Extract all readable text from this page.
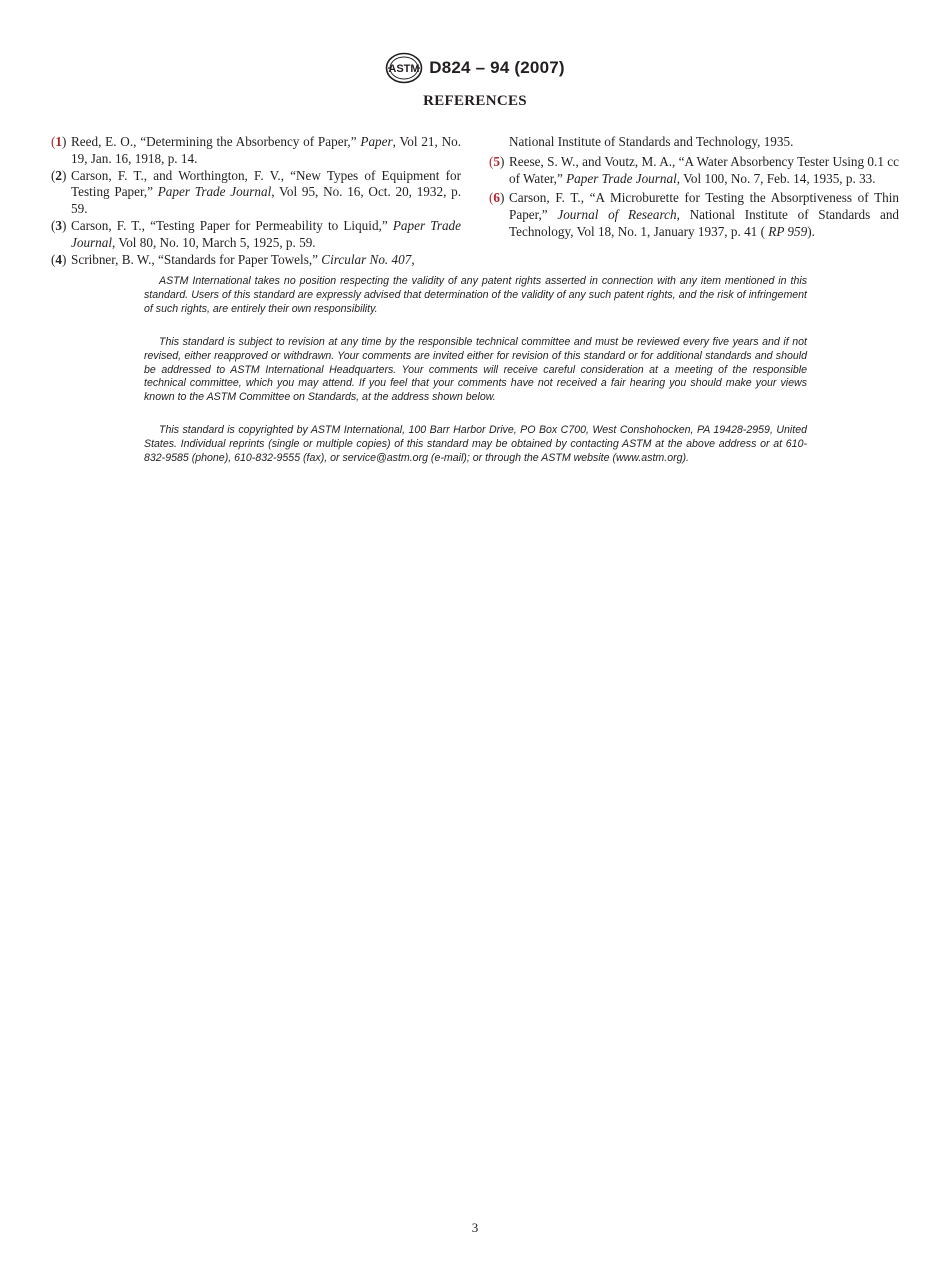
ASTM D824 – 94 (2007)
REFERENCES
(1) Reed, E. O., “Determining the Absorbency of Paper,” Paper, Vol 21, No. 19, Jan. 16, 1918, p. 14.
(2) Carson, F. T., and Worthington, F. V., “New Types of Equipment for Testing Paper,” Paper Trade Journal, Vol 95, No. 16, Oct. 20, 1932, p. 59.
(3) Carson, F. T., “Testing Paper for Permeability to Liquid,” Paper Trade Journal, Vol 80, No. 10, March 5, 1925, p. 59.
(4) Scribner, B. W., “Standards for Paper Towels,” Circular No. 407,
National Institute of Standards and Technology, 1935.
(5) Reese, S. W., and Voutz, M. A., “A Water Absorbency Tester Using 0.1 cc of Water,” Paper Trade Journal, Vol 100, No. 7, Feb. 14, 1935, p. 33.
(6) Carson, F. T., “A Microburette for Testing the Absorptiveness of Thin Paper,” Journal of Research, National Institute of Standards and Technology, Vol 18, No. 1, January 1937, p. 41 ( RP 959).

ASTM International takes no position respecting the validity of any patent rights asserted in connection with any item mentioned in this standard. Users of this standard are expressly advised that determination of the validity of any such patent rights, and the risk of infringement of such rights, are entirely their own responsibility.

This standard is subject to revision at any time by the responsible technical committee and must be reviewed every five years and if not revised, either reapproved or withdrawn. Your comments are invited either for revision of this standard or for additional standards and should be addressed to ASTM International Headquarters. Your comments will receive careful consideration at a meeting of the responsible technical committee, which you may attend. If you feel that your comments have not received a fair hearing you should make your views known to the ASTM Committee on Standards, at the address shown below.

This standard is copyrighted by ASTM International, 100 Barr Harbor Drive, PO Box C700, West Conshohocken, PA 19428-2959, United States. Individual reprints (single or multiple copies) of this standard may be obtained by contacting ASTM at the above address or at 610-832-9585 (phone), 610-832-9555 (fax), or service@astm.org (e-mail); or through the ASTM website (www.astm.org).

3
